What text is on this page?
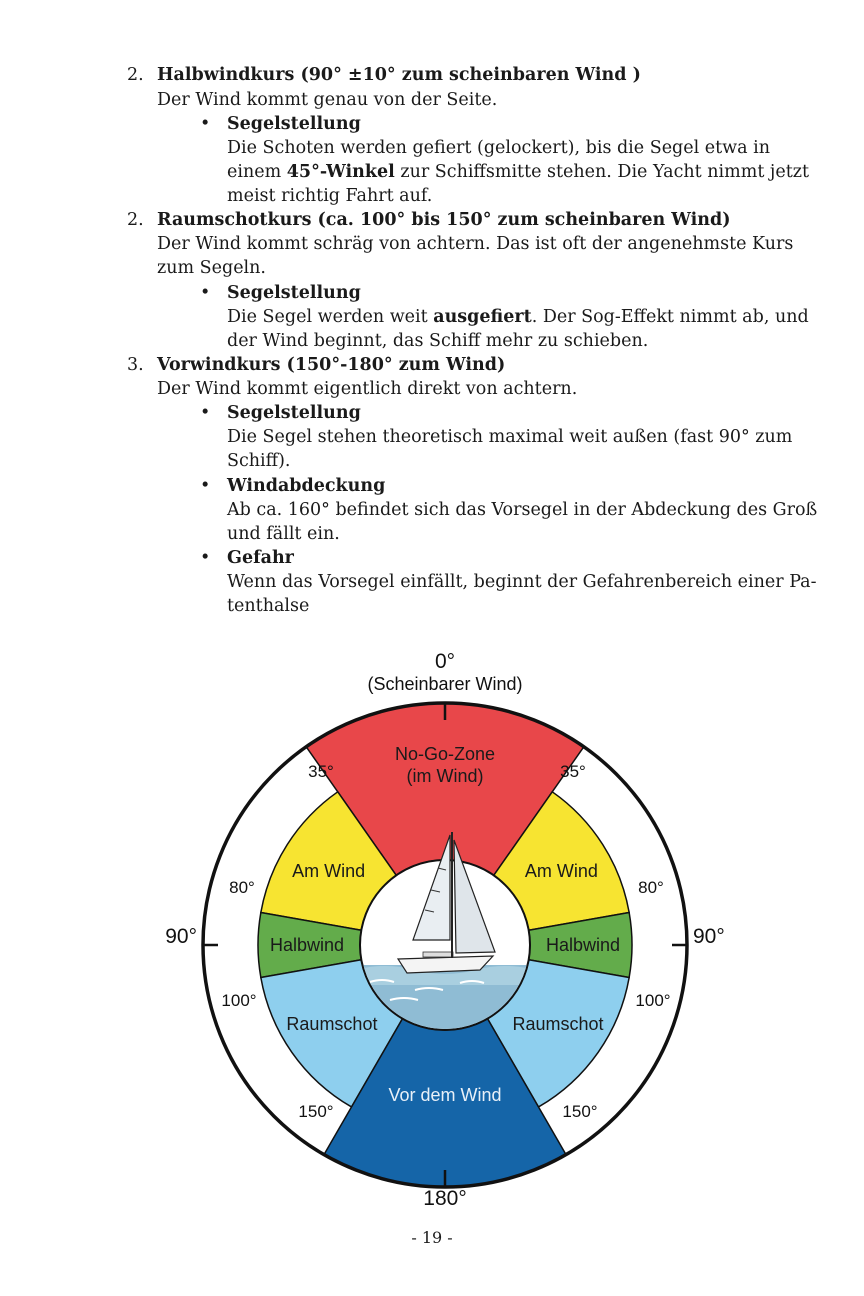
2. Halbwindkurs (90° ±10° zum scheinbaren Wind )
Der Wind kommt genau von der Seite.
• Segelstellung
Die Schoten werden gefiert (gelockert), bis die Segel etwa in
einem 45°-Winkel zur Schiffsmitte stehen. Die Yacht nimmt jetzt
meist richtig Fahrt auf.
2. Raumschotkurs (ca. 100° bis 150° zum scheinbaren Wind)
Der Wind kommt schräg von achtern. Das ist oft der angenehmste Kurs
zum Segeln.
• Segelstellung
Die Segel werden weit ausgefiert. Der Sog-Effekt nimmt ab, und
der Wind beginnt, das Schiff mehr zu schieben.
3. Vorwindkurs (150°-180° zum Wind)
Der Wind kommt eigentlich direkt von achtern.
• Segelstellung
Die Segel stehen theoretisch maximal weit außen (fast 90° zum
Schiff).
• Windabdeckung
Ab ca. 160° befindet sich das Vorsegel in der Abdeckung des Groß
und fällt ein.
• Gefahr
Wenn das Vorsegel einfällt, beginnt der Gefahrenbereich einer Pa-
tenthalse
No-Go-Zone
(im Wind)
Am Wind
Am Wind
Halbwind
Halbwind
Raumschot
Raumschot
Vor dem Wind
0°
(Scheinbarer Wind)
180°
90°	90°
35°	35°
80°	80°
100°	100°
150°	150°
- 19 -
